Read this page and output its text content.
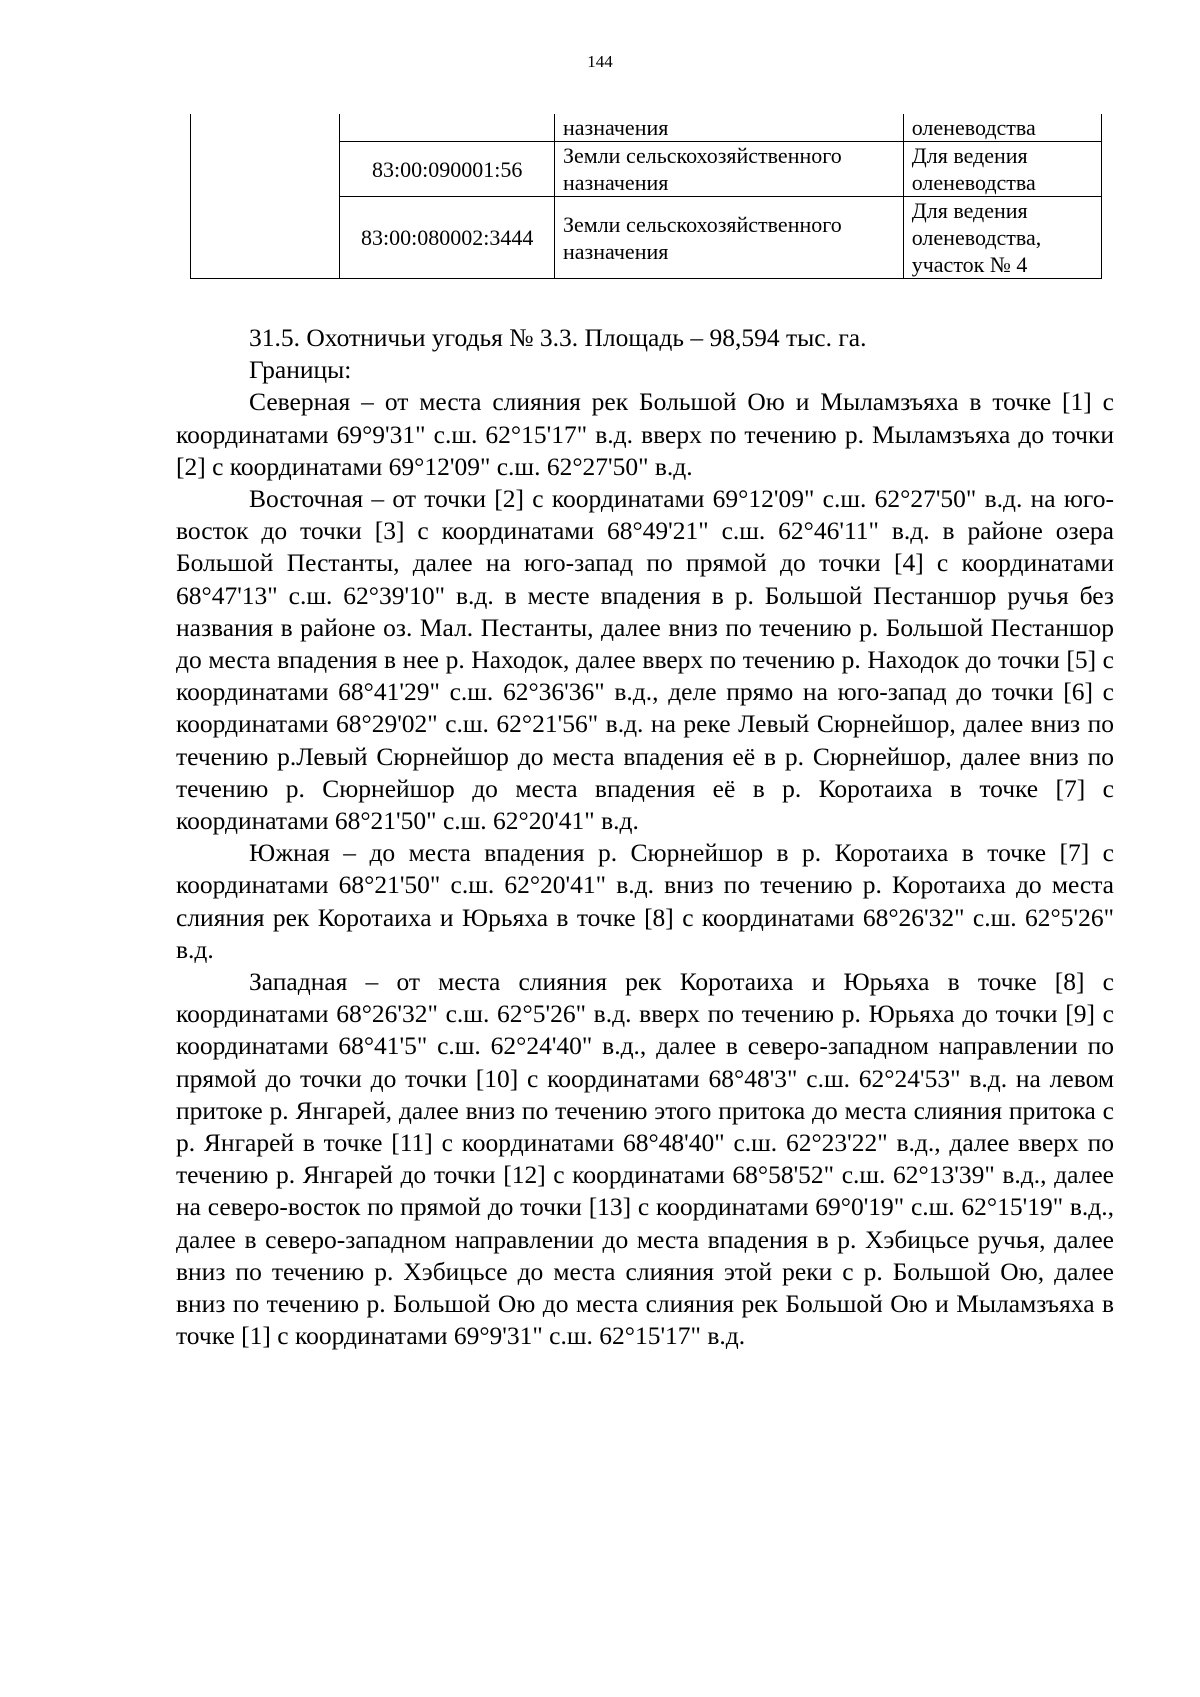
144
		назначения	оленеводства
	83:00:090001:56	Земли сельскохозяйственного назначения	Для ведения оленеводства
	83:00:080002:3444	Земли сельскохозяйственного назначения	Для ведения оленеводства, участок № 4

31.5. Охотничьи угодья № 3.3. Площадь – 98,594 тыс. га.

Границы:

Северная – от места слияния рек Большой Ою и Мыламзъяха в точке [1] с координатами 69°9'31" с.ш. 62°15'17" в.д. вверх по течению р. Мыламзъяха до точки [2] с координатами 69°12'09" с.ш. 62°27'50" в.д.

Восточная – от точки [2] с координатами 69°12'09" с.ш. 62°27'50" в.д. на юго-восток до точки [3] с координатами 68°49'21" с.ш. 62°46'11" в.д. в районе озера Большой Пестанты, далее на юго-запад по прямой до точки [4] с координатами 68°47'13" с.ш. 62°39'10" в.д. в месте впадения в р. Большой Пестаншор ручья без названия в районе оз. Мал. Пестанты, далее вниз по течению р. Большой Пестаншор до места впадения в нее р. Находок, далее вверх по течению р. Находок до точки [5] с координатами 68°41'29" с.ш. 62°36'36" в.д., деле прямо на юго-запад до точки [6] с координатами 68°29'02" с.ш. 62°21'56" в.д. на реке Левый Сюрнейшор, далее вниз по течению р.Левый Сюрнейшор до места впадения её в р. Сюрнейшор, далее вниз по течению р. Сюрнейшор до места впадения её в р. Коротаиха в точке [7] с координатами 68°21'50" с.ш. 62°20'41" в.д.

Южная – до места впадения р. Сюрнейшор в р. Коротаиха в точке [7] с координатами 68°21'50" с.ш. 62°20'41" в.д. вниз по течению р. Коротаиха до места слияния рек Коротаиха и Юрьяха в точке [8] с координатами 68°26'32" с.ш. 62°5'26" в.д.

Западная – от места слияния рек Коротаиха и Юрьяха в точке [8] с координатами 68°26'32" с.ш. 62°5'26" в.д. вверх по течению р. Юрьяха до точки [9] с координатами 68°41'5" с.ш. 62°24'40" в.д., далее в северо-западном направлении по прямой до точки до точки [10] с координатами 68°48'3" с.ш. 62°24'53" в.д. на левом притоке р. Янгарей, далее вниз по течению этого притока до места слияния притока с р. Янгарей в точке [11] с координатами 68°48'40" с.ш. 62°23'22" в.д., далее вверх по течению р. Янгарей до точки [12] с координатами 68°58'52" с.ш. 62°13'39" в.д., далее на северо-восток по прямой до точки [13] с координатами 69°0'19" с.ш. 62°15'19" в.д., далее в северо-западном направлении до места впадения в р. Хэбицьсе ручья, далее вниз по течению р. Хэбицьсе до места слияния этой реки с р. Большой Ою, далее вниз по течению р. Большой Ою до места слияния рек Большой Ою и Мыламзъяха в точке [1] с координатами 69°9'31" с.ш. 62°15'17" в.д.
